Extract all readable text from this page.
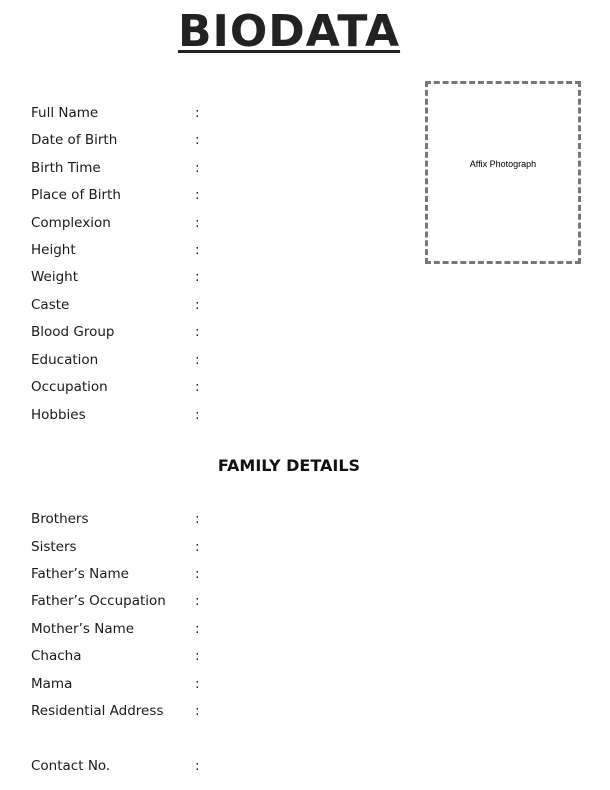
BIODATA
Affix Photograph
Full Name	:
Date of Birth	:
Birth Time	:
Place of Birth	:
Complexion	:
Height	:
Weight	:
Caste	:
Blood Group	:
Education	:
Occupation	:
Hobbies	:
FAMILY DETAILS
Brothers	:
Sisters	:
Father’s Name	:
Father’s Occupation :
Mother’s Name	:
Chacha	:
Mama	:
Residential Address :
Contact No.	:
